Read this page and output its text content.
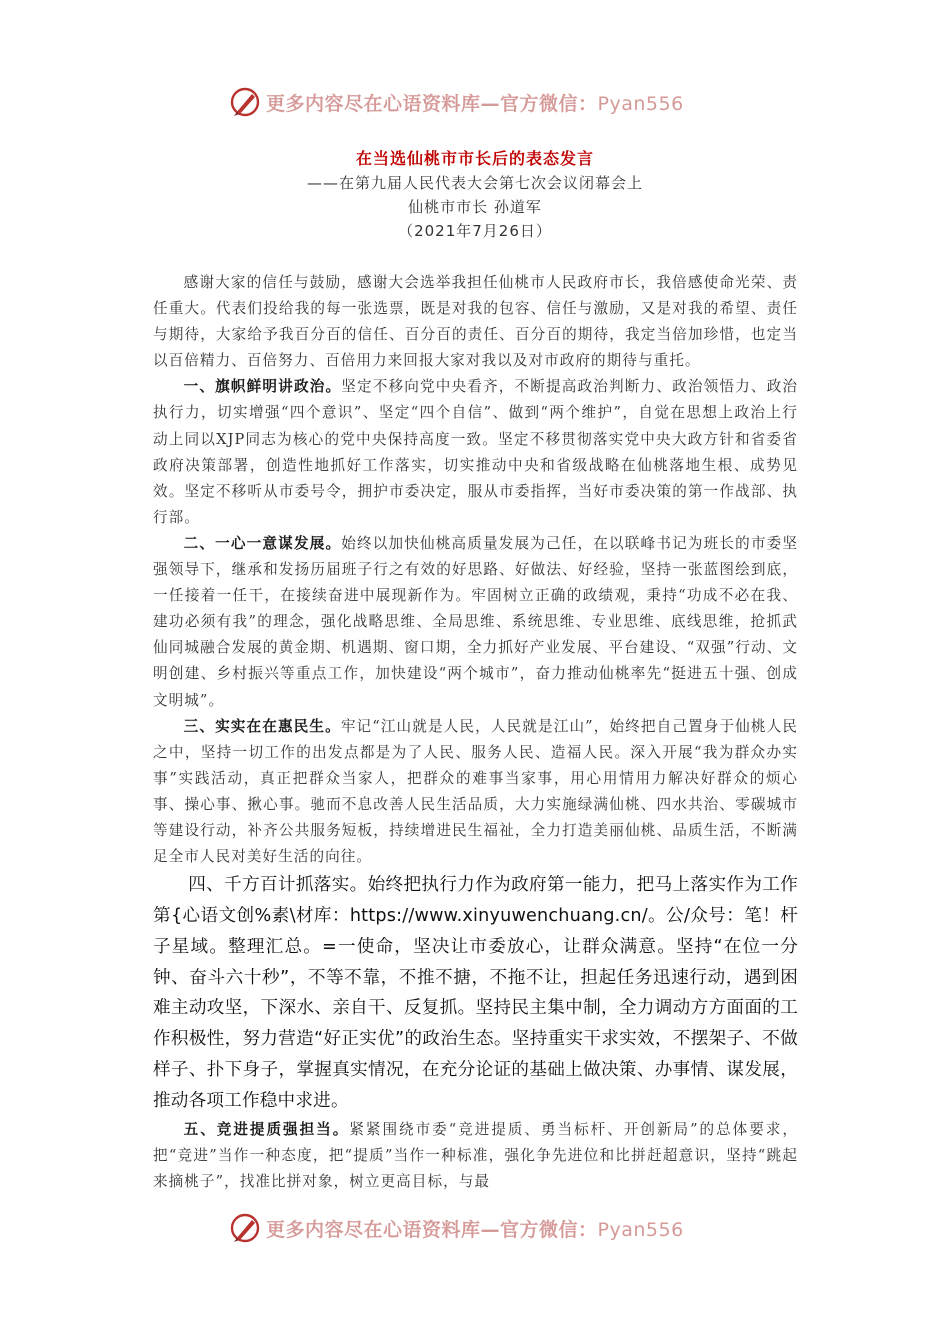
更多内容尽在心语资料库—官方微信：Pyan556
在当选仙桃市市长后的表态发言
——在第九届人民代表大会第七次会议闭幕会上
仙桃市市长 孙道军
（2021年7月26日）

感谢大家的信任与鼓励，感谢大会选举我担任仙桃市人民政府市长，我倍感使命光荣、责任重大。代表们投给我的每一张选票，既是对我的包容、信任与激励，又是对我的希望、责任与期待，大家给予我百分百的信任、百分百的责任、百分百的期待，我定当倍加珍惜，也定当以百倍精力、百倍努力、百倍用力来回报大家对我以及对市政府的期待与重托。

一、旗帜鲜明讲政治。坚定不移向党中央看齐，不断提高政治判断力、政治领悟力、政治执行力，切实增强“四个意识”、坚定“四个自信”、做到“两个维护”，自觉在思想上政治上行动上同以XJP同志为核心的党中央保持高度一致。坚定不移贯彻落实党中央大政方针和省委省政府决策部署，创造性地抓好工作落实，切实推动中央和省级战略在仙桃落地生根、成势见效。坚定不移听从市委号令，拥护市委决定，服从市委指挥，当好市委决策的第一作战部、执行部。

二、一心一意谋发展。始终以加快仙桃高质量发展为己任，在以联峰书记为班长的市委坚强领导下，继承和发扬历届班子行之有效的好思路、好做法、好经验，坚持一张蓝图绘到底，一任接着一任干，在接续奋进中展现新作为。牢固树立正确的政绩观，秉持“功成不必在我、建功必须有我”的理念，强化战略思维、全局思维、系统思维、专业思维、底线思维，抢抓武仙同城融合发展的黄金期、机遇期、窗口期，全力抓好产业发展、平台建设、“双强”行动、文明创建、乡村振兴等重点工作，加快建设“两个城市”，奋力推动仙桃率先“挺进五十强、创成文明城”。

三、实实在在惠民生。牢记“江山就是人民，人民就是江山”，始终把自己置身于仙桃人民之中，坚持一切工作的出发点都是为了人民、服务人民、造福人民。深入开展“我为群众办实事”实践活动，真正把群众当家人，把群众的难事当家事，用心用情用力解决好群众的烦心事、操心事、揪心事。驰而不息改善人民生活品质，大力实施绿满仙桃、四水共治、零碳城市等建设行动，补齐公共服务短板，持续增进民生福祉，全力打造美丽仙桃、品质生活，不断满足全市人民对美好生活的向往。

四、千方百计抓落实。始终把执行力作为政府第一能力，把马上落实作为工作第{心语文创%素\材库：https://www.xinyuwenchuang.cn/。公/众号：笔！杆子星域。整理汇总。=一使命，坚决让市委放心，让群众满意。坚持“在位一分钟、奋斗六十秒”，不等不靠，不推不搪，不拖不让，担起任务迅速行动，遇到困难主动攻坚，下深水、亲自干、反复抓。坚持民主集中制，全力调动方方面面的工作积极性，努力营造“好正实优”的政治生态。坚持重实干求实效，不摆架子、不做样子、扑下身子，掌握真实情况，在充分论证的基础上做决策、办事情、谋发展，推动各项工作稳中求进。

五、竞进提质强担当。紧紧围绕市委“竞进提质、勇当标杆、开创新局”的总体要求，把“竞进”当作一种态度，把“提质”当作一种标准，强化争先进位和比拼赶超意识，坚持“跳起来摘桃子”，找准比拼对象，树立更高目标，与最

更多内容尽在心语资料库—官方微信：Pyan556
